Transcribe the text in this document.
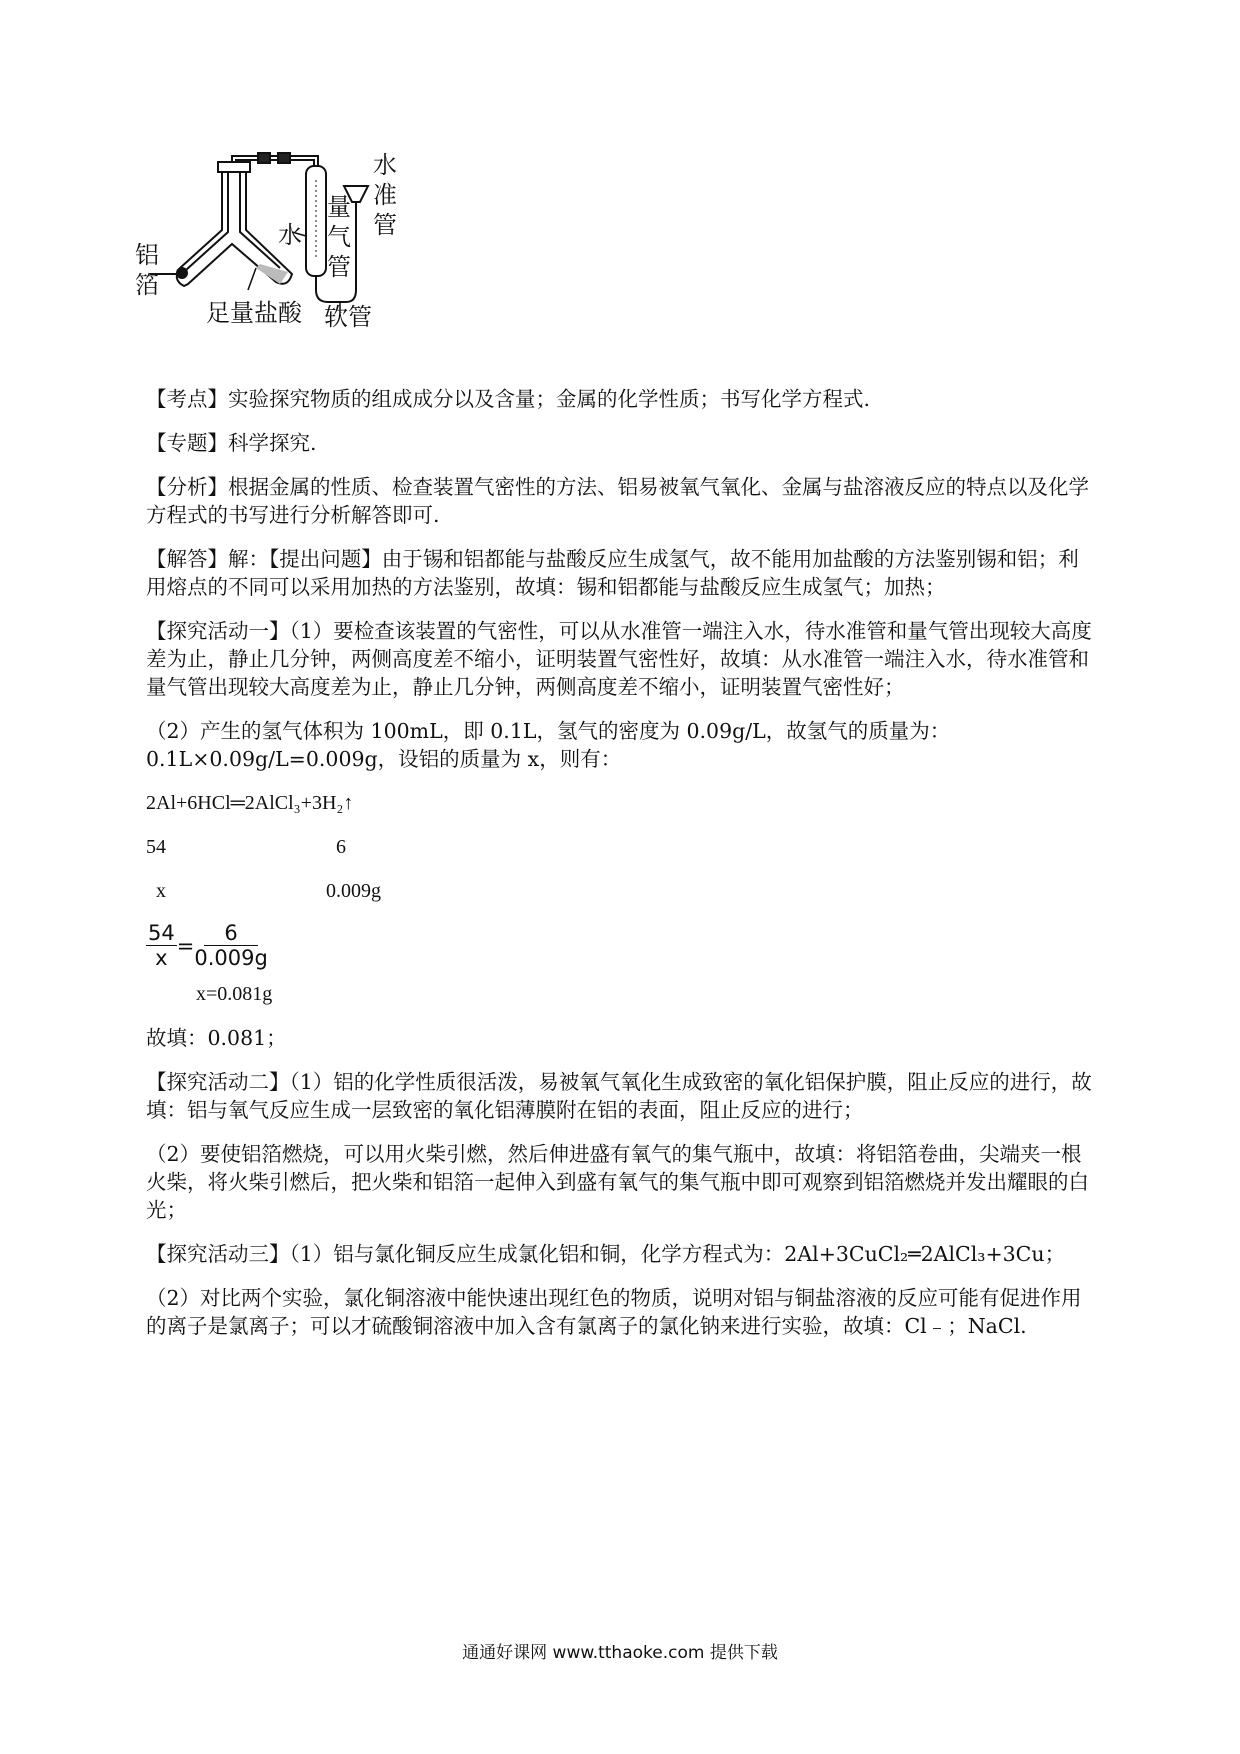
铝箔
足量盐酸
水
量气管
水准管
软管

【考点】实验探究物质的组成成分以及含量；金属的化学性质；书写化学方程式.

【专题】科学探究.

【分析】根据金属的性质、检查装置气密性的方法、铝易被氧气氧化、金属与盐溶液反应的特点以及化学方程式的书写进行分析解答即可.

【解答】解：【提出问题】由于锡和铝都能与盐酸反应生成氢气，故不能用加盐酸的方法鉴别锡和铝；利用熔点的不同可以采用加热的方法鉴别，故填：锡和铝都能与盐酸反应生成氢气；加热；

【探究活动一】（1）要检查该装置的气密性，可以从水准管一端注入水，待水准管和量气管出现较大高度差为止，静止几分钟，两侧高度差不缩小，证明装置气密性好，故填：从水准管一端注入水，待水准管和量气管出现较大高度差为止，静止几分钟，两侧高度差不缩小，证明装置气密性好；

（2）产生的氢气体积为 100mL，即 0.1L，氢气的密度为 0.09g/L，故氢气的质量为：0.1L×0.09g/L=0.009g，设铝的质量为 x，则有：

2Al+6HCl═2AlCl₃+3H₂↑

54	6
x	0.009g
$\frac{54}{x} = \frac{6}{0.009g}$

x=0.081g

故填：0.081；

【探究活动二】（1）铝的化学性质很活泼，易被氧气氧化生成致密的氧化铝保护膜，阻止反应的进行，故填：铝与氧气反应生成一层致密的氧化铝薄膜附在铝的表面，阻止反应的进行；

（2）要使铝箔燃烧，可以用火柴引燃，然后伸进盛有氧气的集气瓶中，故填：将铝箔卷曲，尖端夹一根火柴，将火柴引燃后，把火柴和铝箔一起伸入到盛有氧气的集气瓶中即可观察到铝箔燃烧并发出耀眼的白光；

【探究活动三】（1）铝与氯化铜反应生成氯化铝和铜，化学方程式为：2Al+3CuCl₂═2AlCl₃+3Cu；

（2）对比两个实验，氯化铜溶液中能快速出现红色的物质，说明对铝与铜盐溶液的反应可能有促进作用的离子是氯离子；可以才硫酸铜溶液中加入含有氯离子的氯化钠来进行实验，故填：Cl﹣；NaCl.

通通好课网 www.tthaoke.com 提供下载
